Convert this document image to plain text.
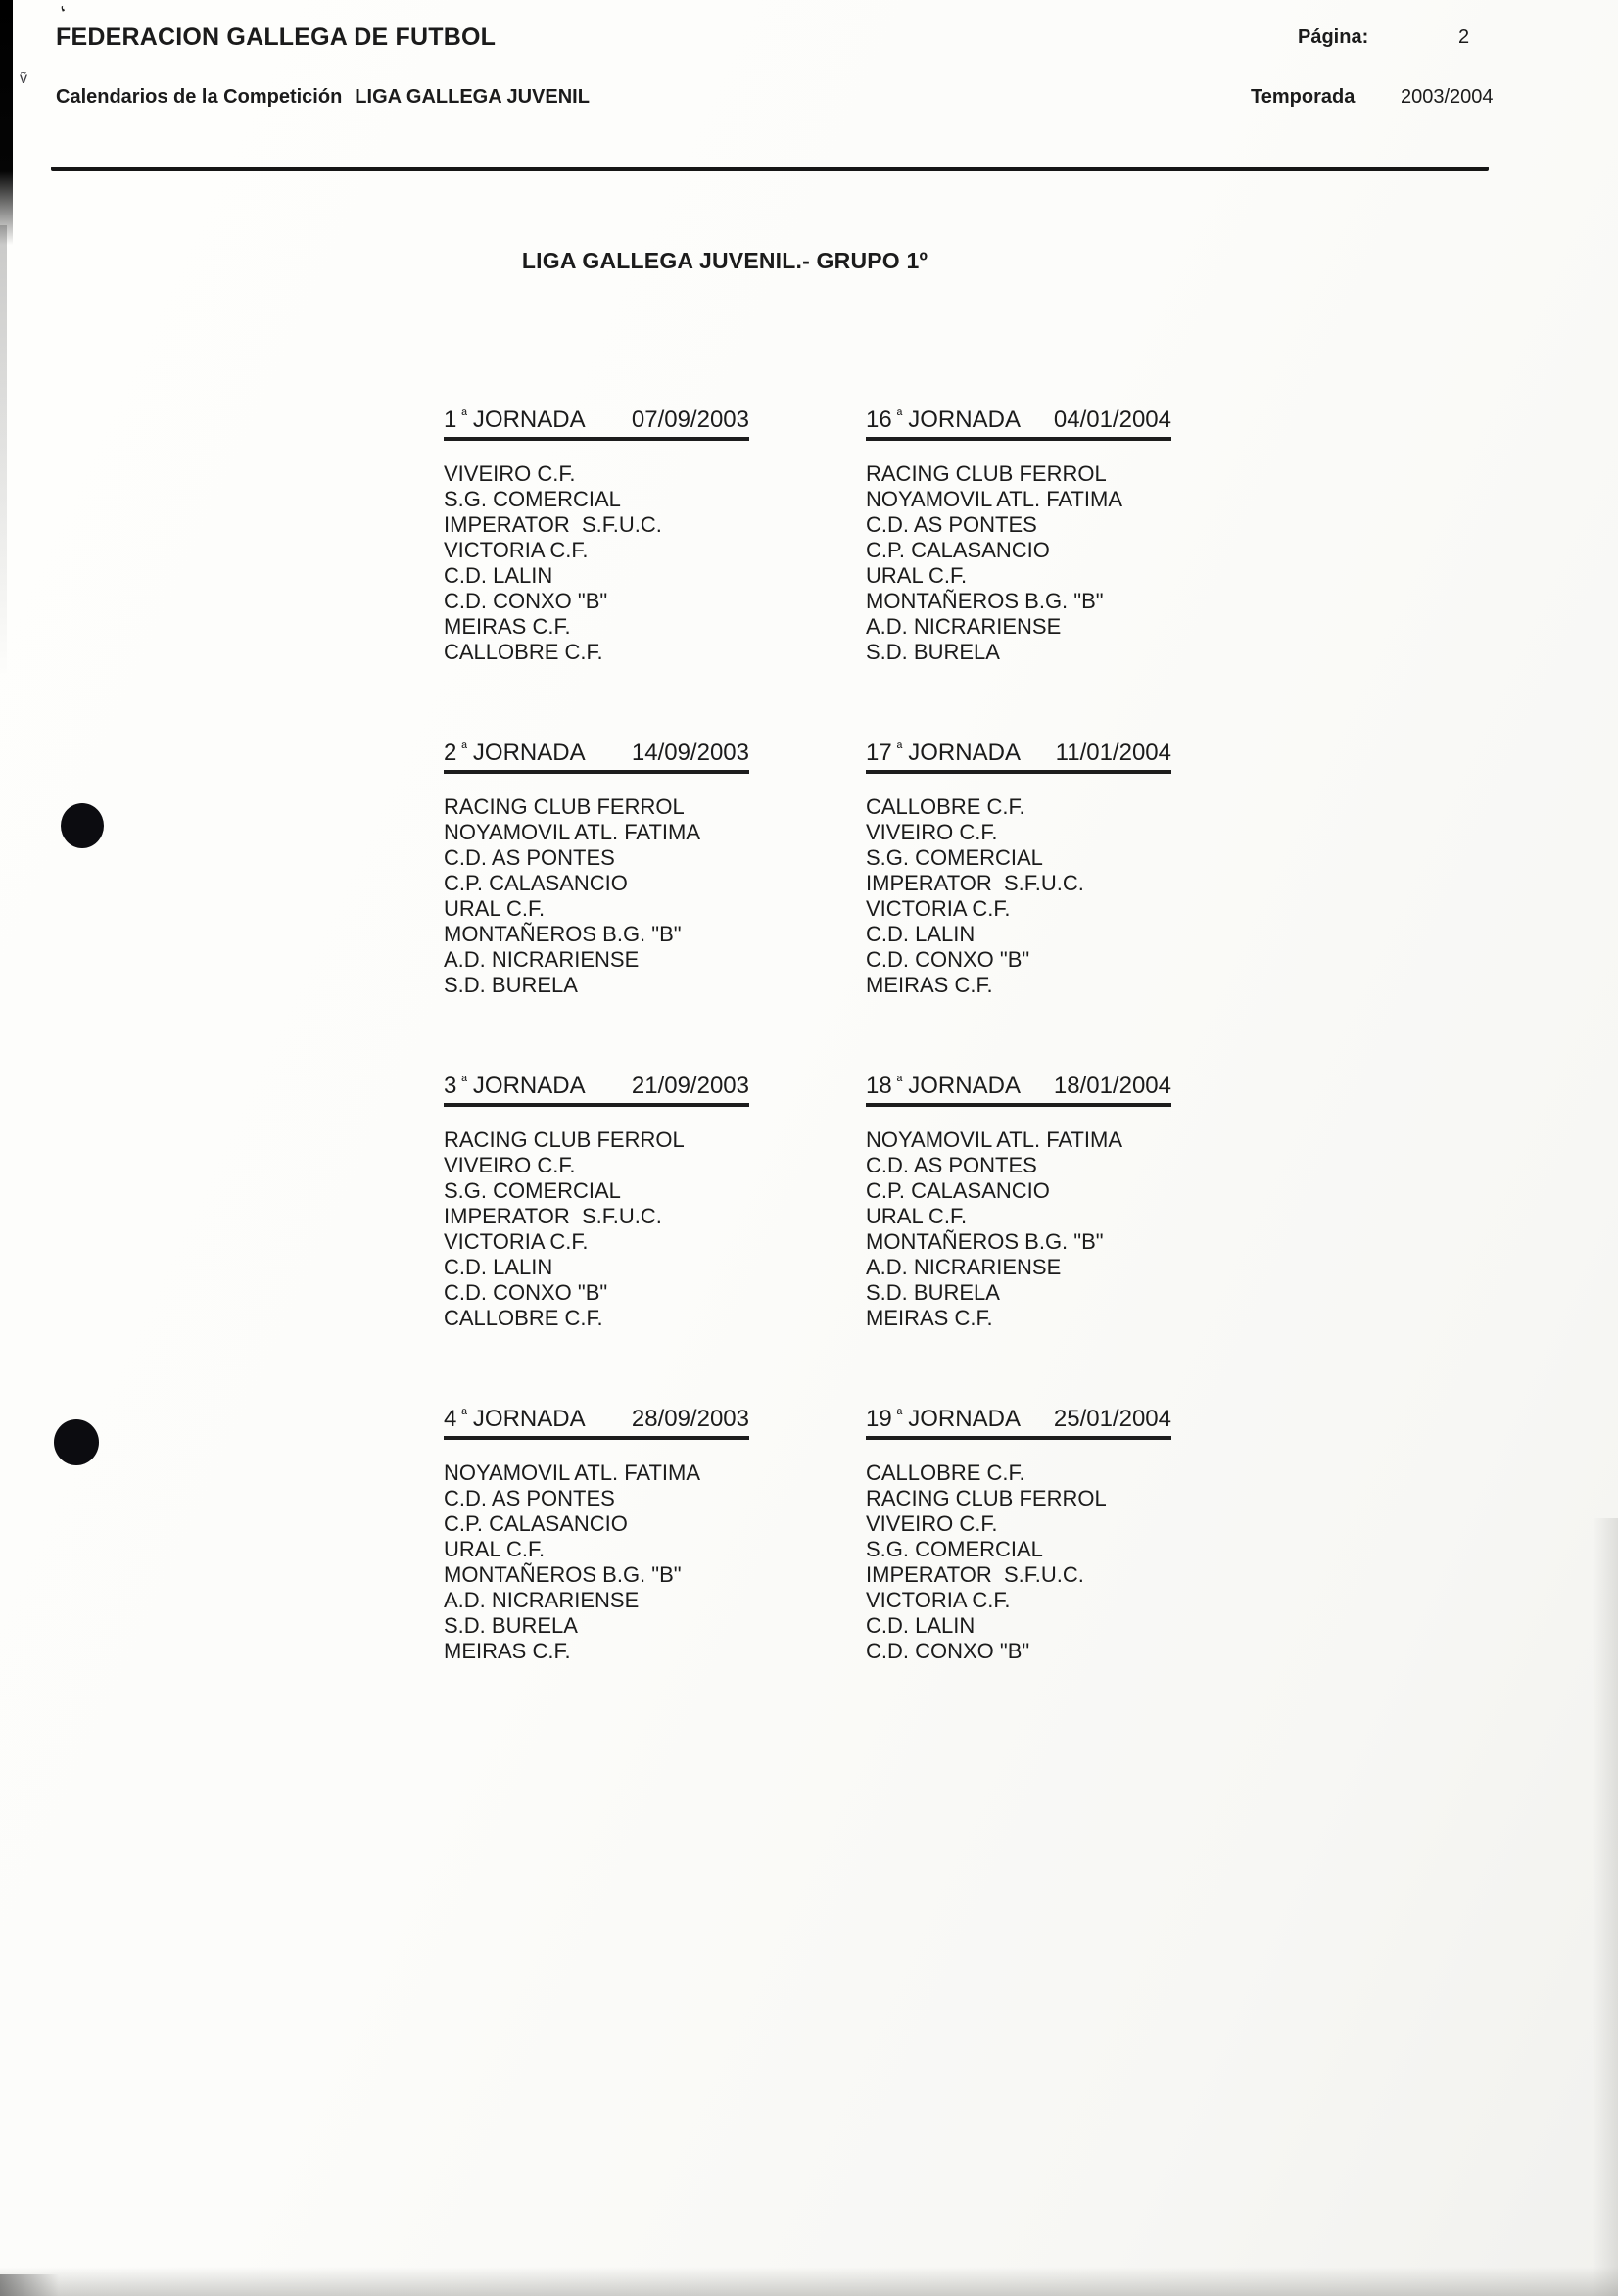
ʻ
ṽ
FEDERACION GALLEGA DE FUTBOL
Calendarios de la Competición LIGA GALLEGA JUVENIL
Página:	2
Temporada 2003/2004
LIGA GALLEGA JUVENIL.- GRUPO 1º
1 ª JORNADA 07/09/2003
VIVEIRO C.F.
S.G. COMERCIAL
IMPERATOR  S.F.U.C.
VICTORIA C.F.
C.D. LALIN
C.D. CONXO "B"
MEIRAS C.F.
CALLOBRE C.F.
2 ª JORNADA 14/09/2003
RACING CLUB FERROL
NOYAMOVIL ATL. FATIMA
C.D. AS PONTES
C.P. CALASANCIO
URAL C.F.
MONTAÑEROS B.G. "B"
A.D. NICRARIENSE
S.D. BURELA
3 ª JORNADA 21/09/2003
RACING CLUB FERROL
VIVEIRO C.F.
S.G. COMERCIAL
IMPERATOR  S.F.U.C.
VICTORIA C.F.
C.D. LALIN
C.D. CONXO "B"
CALLOBRE C.F.
4 ª JORNADA 28/09/2003
NOYAMOVIL ATL. FATIMA
C.D. AS PONTES
C.P. CALASANCIO
URAL C.F.
MONTAÑEROS B.G. "B"
A.D. NICRARIENSE
S.D. BURELA
MEIRAS C.F.
16 ª JORNADA 04/01/2004
RACING CLUB FERROL
NOYAMOVIL ATL. FATIMA
C.D. AS PONTES
C.P. CALASANCIO
URAL C.F.
MONTAÑEROS B.G. "B"
A.D. NICRARIENSE
S.D. BURELA
17 ª JORNADA 11/01/2004
CALLOBRE C.F.
VIVEIRO C.F.
S.G. COMERCIAL
IMPERATOR  S.F.U.C.
VICTORIA C.F.
C.D. LALIN
C.D. CONXO "B"
MEIRAS C.F.
18 ª JORNADA 18/01/2004
NOYAMOVIL ATL. FATIMA
C.D. AS PONTES
C.P. CALASANCIO
URAL C.F.
MONTAÑEROS B.G. "B"
A.D. NICRARIENSE
S.D. BURELA
MEIRAS C.F.
19 ª JORNADA 25/01/2004
CALLOBRE C.F.
RACING CLUB FERROL
VIVEIRO C.F.
S.G. COMERCIAL
IMPERATOR  S.F.U.C.
VICTORIA C.F.
C.D. LALIN
C.D. CONXO "B"
